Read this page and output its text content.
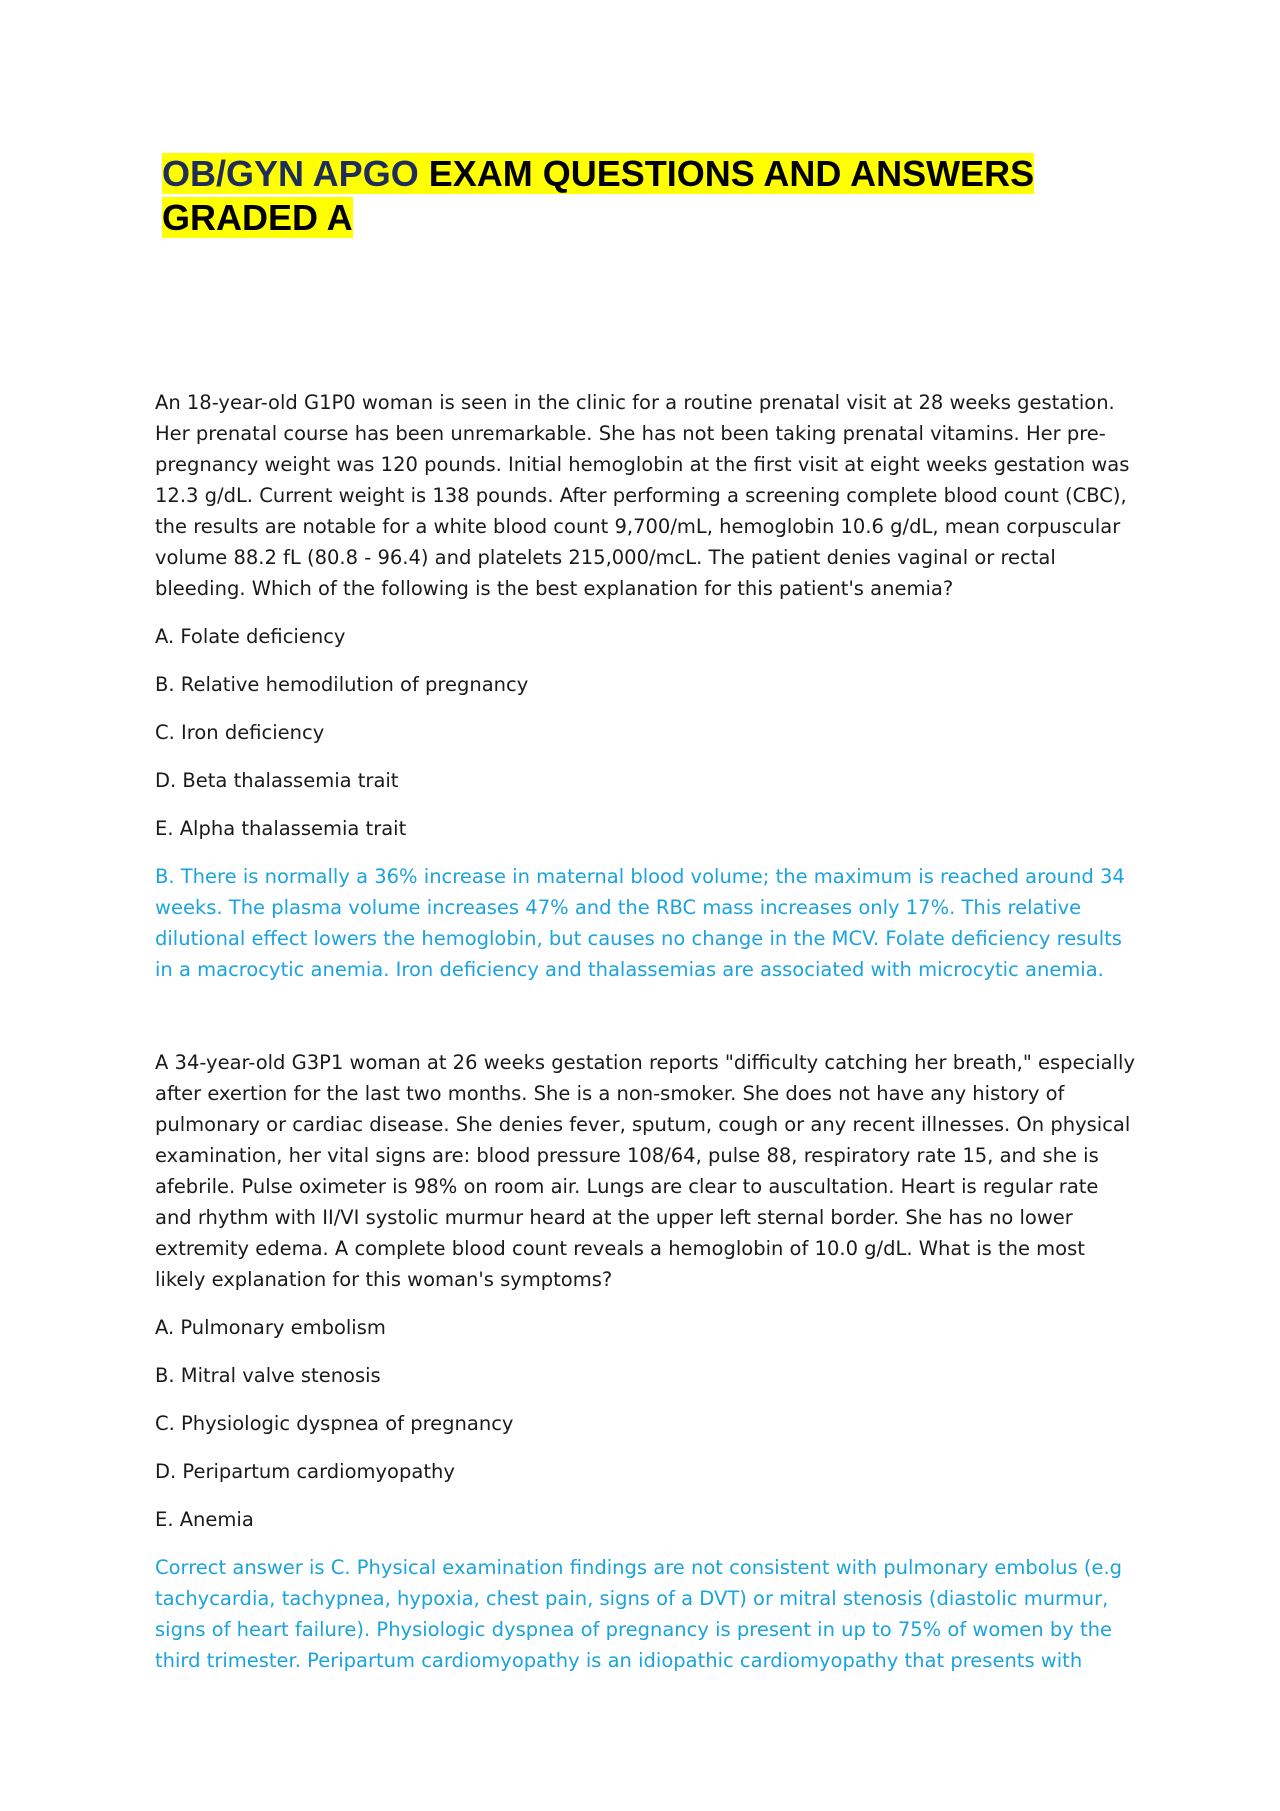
OB/GYN APGO EXAM QUESTIONS AND ANSWERS GRADED A

An 18-year-old G1P0 woman is seen in the clinic for a routine prenatal visit at 28 weeks gestation. Her prenatal course has been unremarkable. She has not been taking prenatal vitamins. Her pre-pregnancy weight was 120 pounds. Initial hemoglobin at the first visit at eight weeks gestation was 12.3 g/dL. Current weight is 138 pounds. After performing a screening complete blood count (CBC), the results are notable for a white blood count 9,700/mL, hemoglobin 10.6 g/dL, mean corpuscular volume 88.2 fL (80.8 - 96.4) and platelets 215,000/mcL. The patient denies vaginal or rectal bleeding. Which of the following is the best explanation for this patient's anemia?

A. Folate deficiency

B. Relative hemodilution of pregnancy

C. Iron deficiency

D. Beta thalassemia trait

E. Alpha thalassemia trait

B. There is normally a 36% increase in maternal blood volume; the maximum is reached around 34 weeks. The plasma volume increases 47% and the RBC mass increases only 17%. This relative dilutional effect lowers the hemoglobin, but causes no change in the MCV. Folate deficiency results in a macrocytic anemia. Iron deficiency and thalassemias are associated with microcytic anemia.

A 34-year-old G3P1 woman at 26 weeks gestation reports "difficulty catching her breath," especially after exertion for the last two months. She is a non-smoker. She does not have any history of pulmonary or cardiac disease. She denies fever, sputum, cough or any recent illnesses. On physical examination, her vital signs are: blood pressure 108/64, pulse 88, respiratory rate 15, and she is afebrile. Pulse oximeter is 98% on room air. Lungs are clear to auscultation. Heart is regular rate and rhythm with II/VI systolic murmur heard at the upper left sternal border. She has no lower extremity edema. A complete blood count reveals a hemoglobin of 10.0 g/dL. What is the most likely explanation for this woman's symptoms?

A. Pulmonary embolism

B. Mitral valve stenosis

C. Physiologic dyspnea of pregnancy

D. Peripartum cardiomyopathy

E. Anemia

Correct answer is C. Physical examination findings are not consistent with pulmonary embolus (e.g tachycardia, tachypnea, hypoxia, chest pain, signs of a DVT) or mitral stenosis (diastolic murmur, signs of heart failure). Physiologic dyspnea of pregnancy is present in up to 75% of women by the third trimester. Peripartum cardiomyopathy is an idiopathic cardiomyopathy that presents with
